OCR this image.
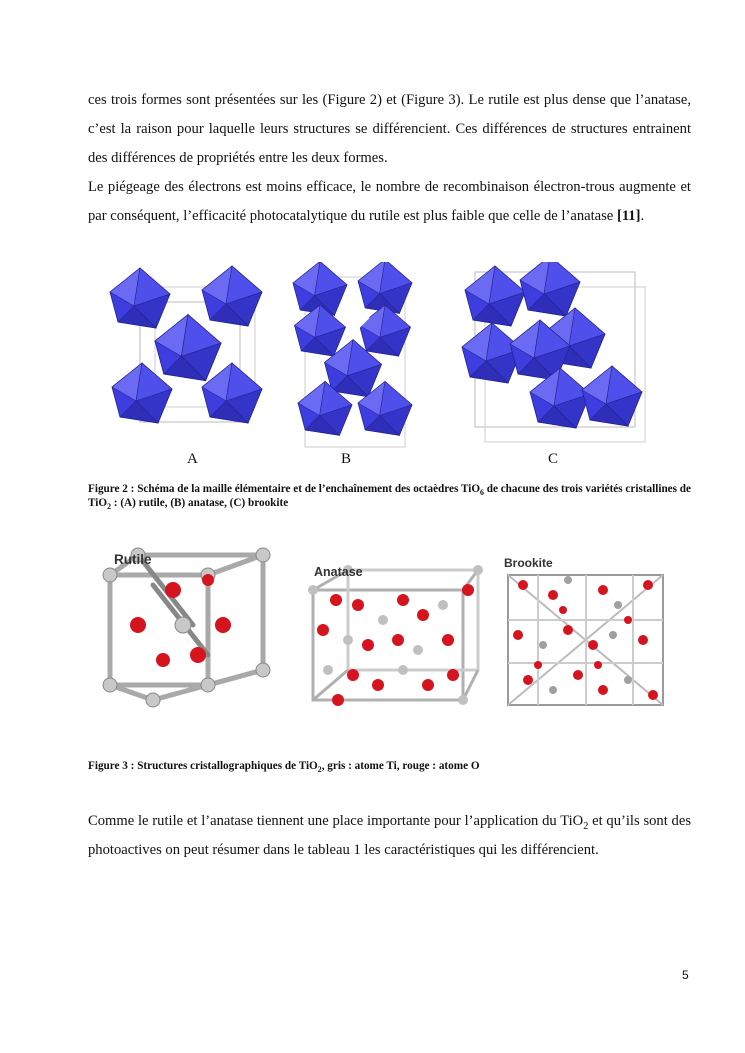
ces trois formes sont présentées sur les (Figure 2) et (Figure 3). Le rutile est plus dense que l’anatase, c’est la raison pour laquelle leurs structures se différencient. Ces différences de structures entrainent des différences de propriétés entre les deux formes.

Le piégeage des électrons est moins efficace, le nombre de recombinaison électron-trous augmente et par conséquent, l’efficacité photocatalytique du rutile est plus faible que celle de l’anatase [11].

A	B	C

Figure 2 : Schéma de la maille élémentaire et de l’enchaînement des octaèdres TiO$_6$ de chacune des trois variétés cristallines de TiO$_2$ : (A) rutile, (B) anatase, (C) brookite

Rutile
Anatase
Brookite

Figure 3 : Structures cristallographiques de TiO$_2$, gris : atome Ti, rouge : atome O

Comme le rutile et l’anatase tiennent une place importante pour l’application du TiO$_2$ et qu’ils sont des photoactives on peut résumer dans le tableau 1 les caractéristiques qui les différencient.

5
